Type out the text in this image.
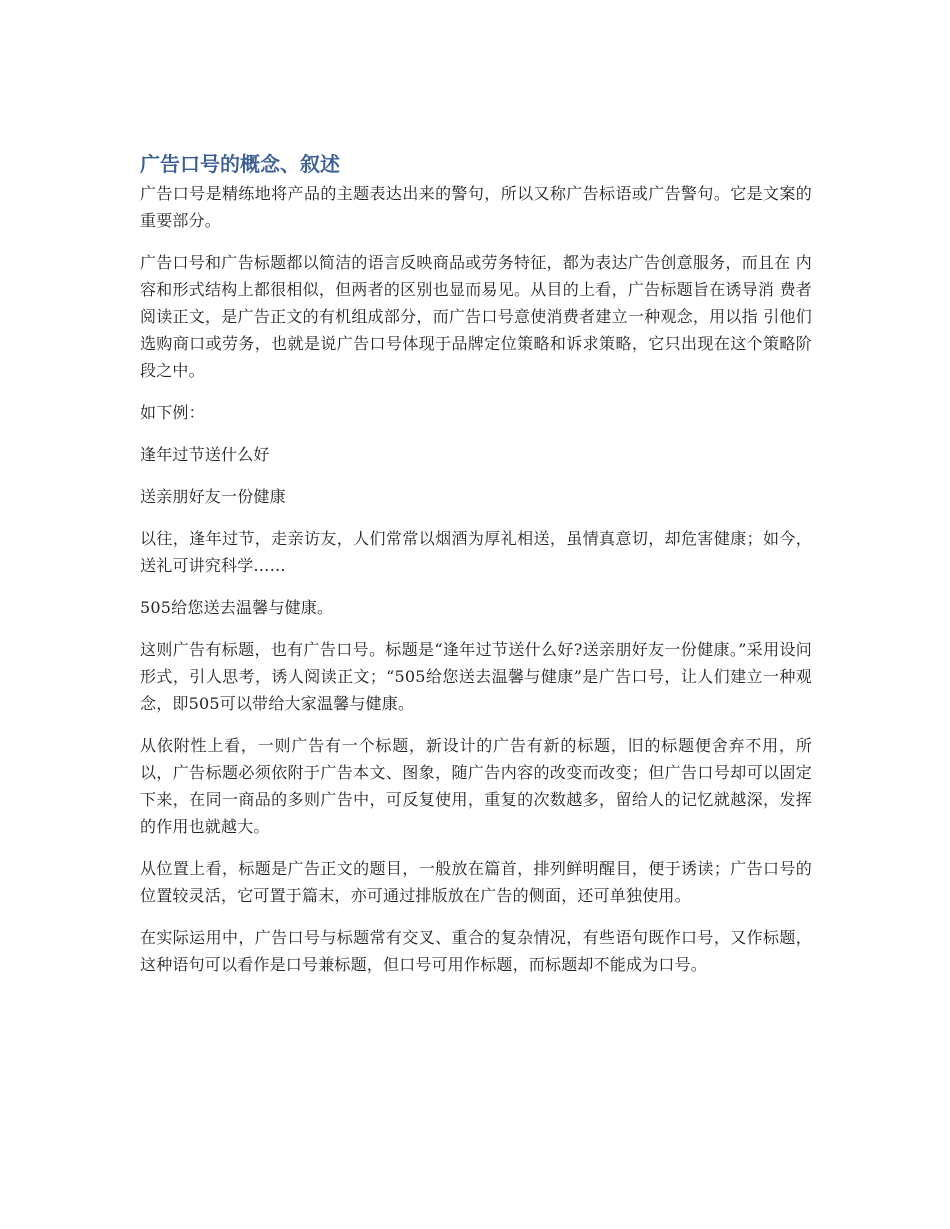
广告口号的概念、叙述

广告口号是精练地将产品的主题表达出来的警句，所以又称广告标语或广告警句。它是文案的重要部分。

广告口号和广告标题都以简洁的语言反映商品或劳务特征，都为表达广告创意服务，而且在 内容和形式结构上都很相似，但两者的区别也显而易见。从目的上看，广告标题旨在诱导消 费者阅读正文，是广告正文的有机组成部分，而广告口号意使消费者建立一种观念，用以指 引他们选购商口或劳务，也就是说广告口号体现于品牌定位策略和诉求策略，它只出现在这个策略阶段之中。

如下例：

逢年过节送什么好

送亲朋好友一份健康

以往，逢年过节，走亲访友，人们常常以烟酒为厚礼相送，虽情真意切，却危害健康；如今，送礼可讲究科学……

505给您送去温馨与健康。

这则广告有标题，也有广告口号。标题是“逢年过节送什么好?送亲朋好友一份健康。”采用设问形式，引人思考，诱人阅读正文；“505给您送去温馨与健康”是广告口号，让人们建立一种观念，即505可以带给大家温馨与健康。

从依附性上看，一则广告有一个标题，新设计的广告有新的标题，旧的标题便舍弃不用，所以，广告标题必须依附于广告本文、图象，随广告内容的改变而改变；但广告口号却可以固定下来，在同一商品的多则广告中，可反复使用，重复的次数越多，留给人的记忆就越深，发挥的作用也就越大。

从位置上看，标题是广告正文的题目，一般放在篇首，排列鲜明醒目，便于诱读；广告口号的位置较灵活，它可置于篇末，亦可通过排版放在广告的侧面，还可单独使用。

在实际运用中，广告口号与标题常有交叉、重合的复杂情况，有些语句既作口号，又作标题，这种语句可以看作是口号兼标题，但口号可用作标题，而标题却不能成为口号。
